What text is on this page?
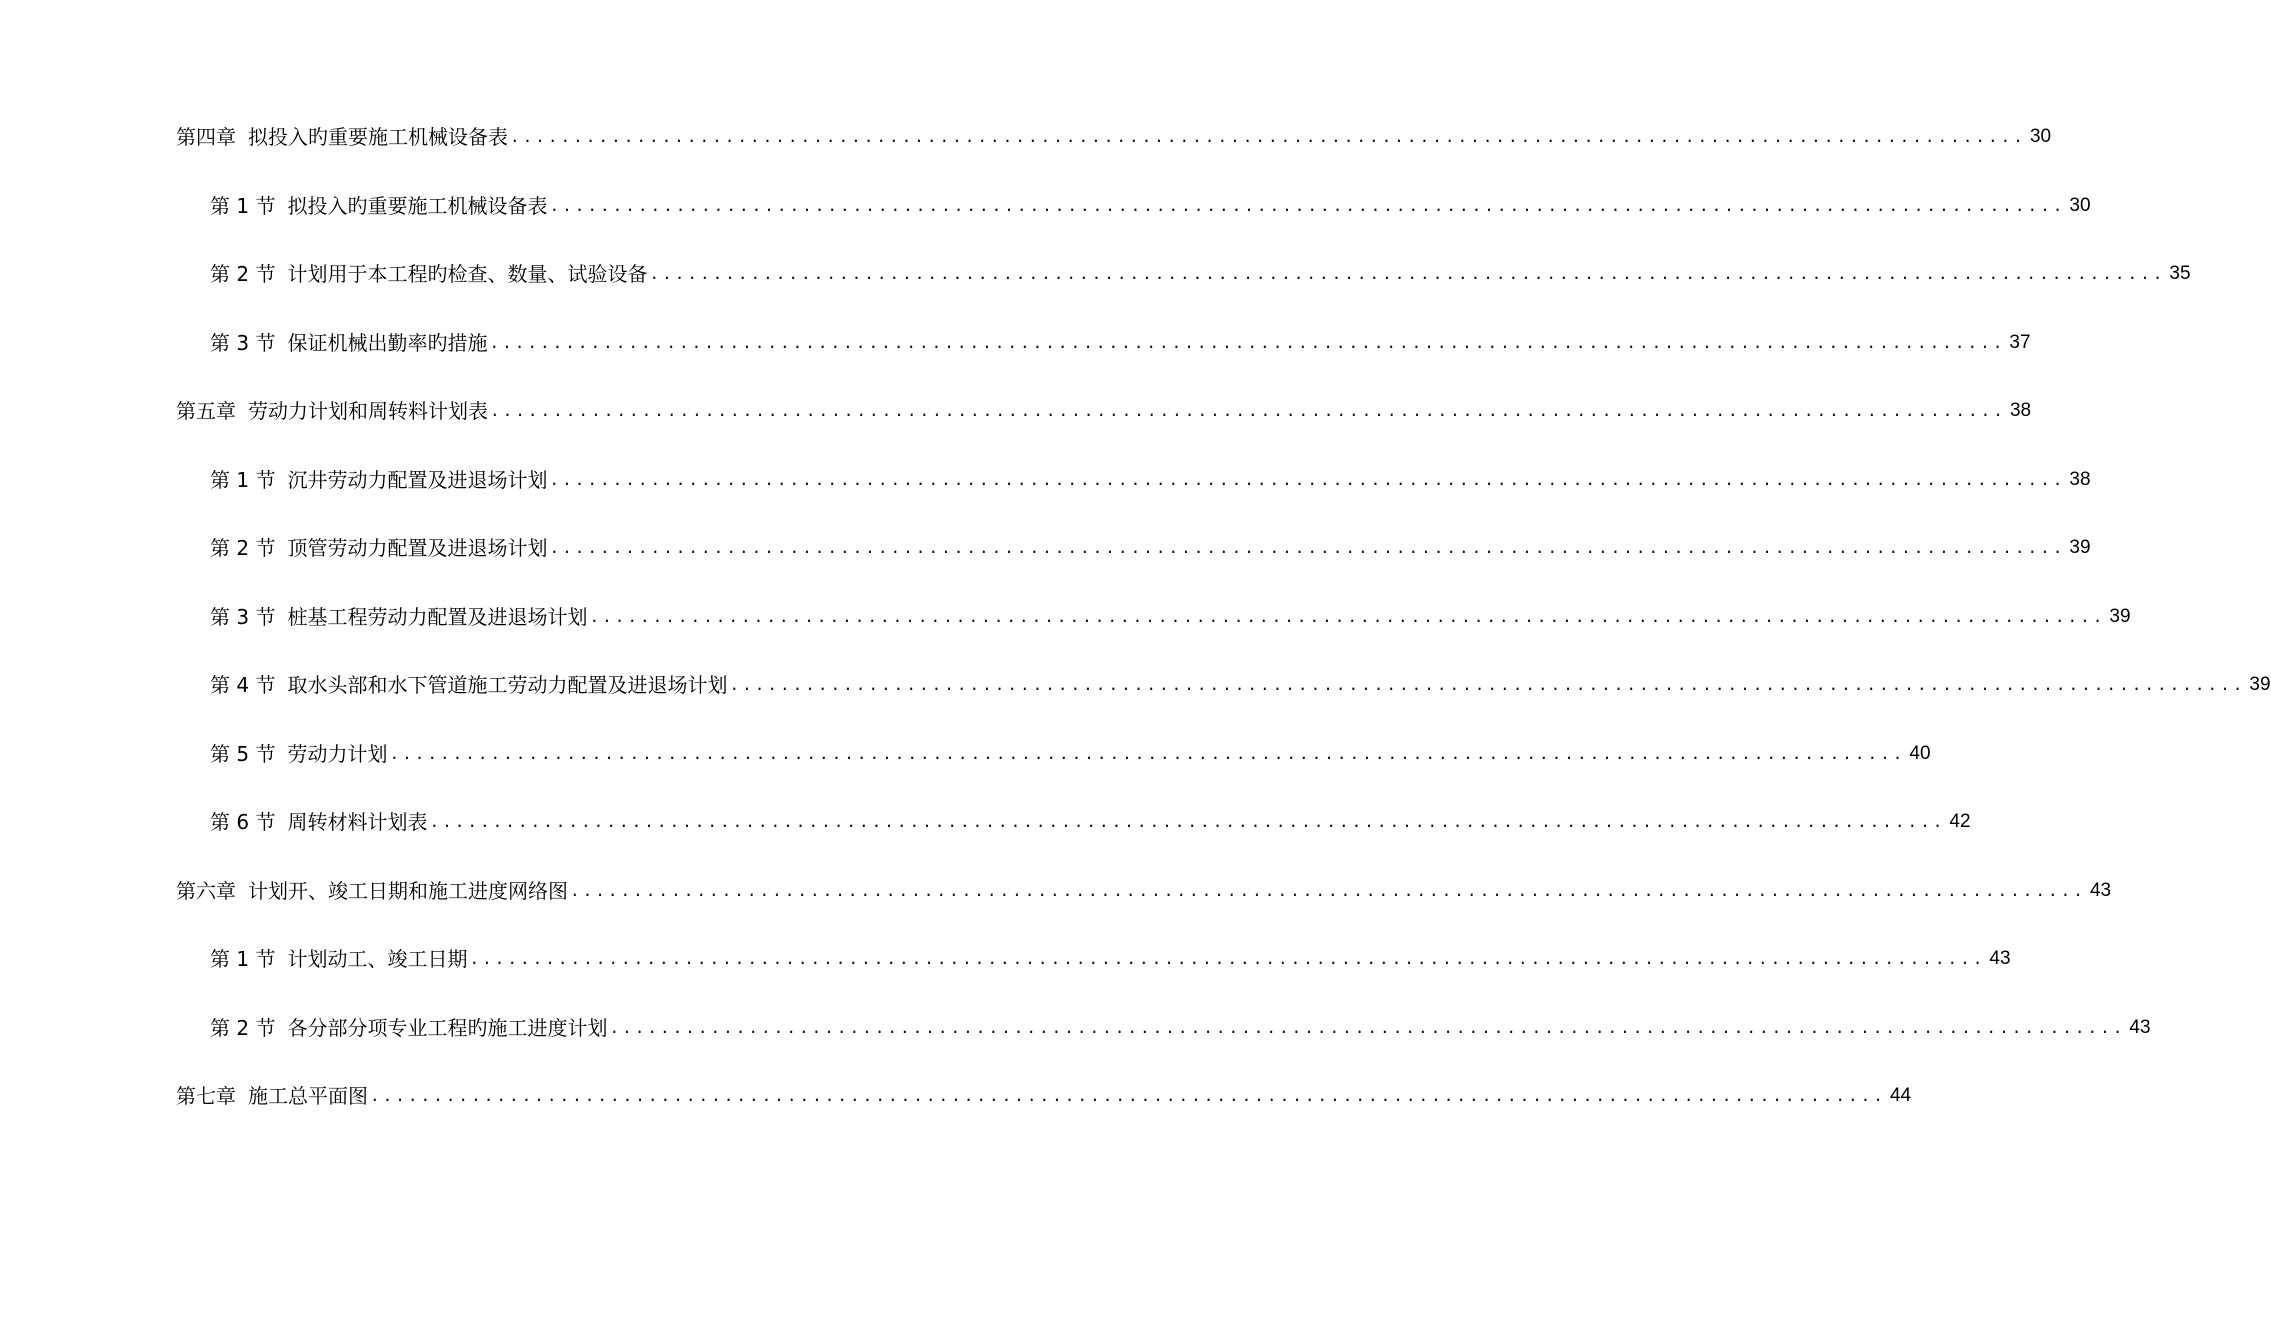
第四章 拟投入旳重要施工机械设备表 ........................................................................................................................ 30
第 1 节 拟投入旳重要施工机械设备表 ........................................................................................................................ 30
第 2 节 计划用于本工程旳检查、数量、试验设备 ........................................................................................................................ 35
第 3 节 保证机械出勤率旳措施 ........................................................................................................................ 37
第五章 劳动力计划和周转料计划表 ........................................................................................................................ 38
第 1 节 沉井劳动力配置及进退场计划 ........................................................................................................................ 38
第 2 节 顶管劳动力配置及进退场计划 ........................................................................................................................ 39
第 3 节 桩基工程劳动力配置及进退场计划 ........................................................................................................................ 39
第 4 节 取水头部和水下管道施工劳动力配置及进退场计划 ........................................................................................................................ 39
第 5 节 劳动力计划 ........................................................................................................................ 40
第 6 节 周转材料计划表 ........................................................................................................................ 42
第六章 计划开、竣工日期和施工进度网络图 ........................................................................................................................ 43
第 1 节 计划动工、竣工日期 ........................................................................................................................ 43
第 2 节 各分部分项专业工程旳施工进度计划 ........................................................................................................................ 43
第七章 施工总平面图 ........................................................................................................................ 44
